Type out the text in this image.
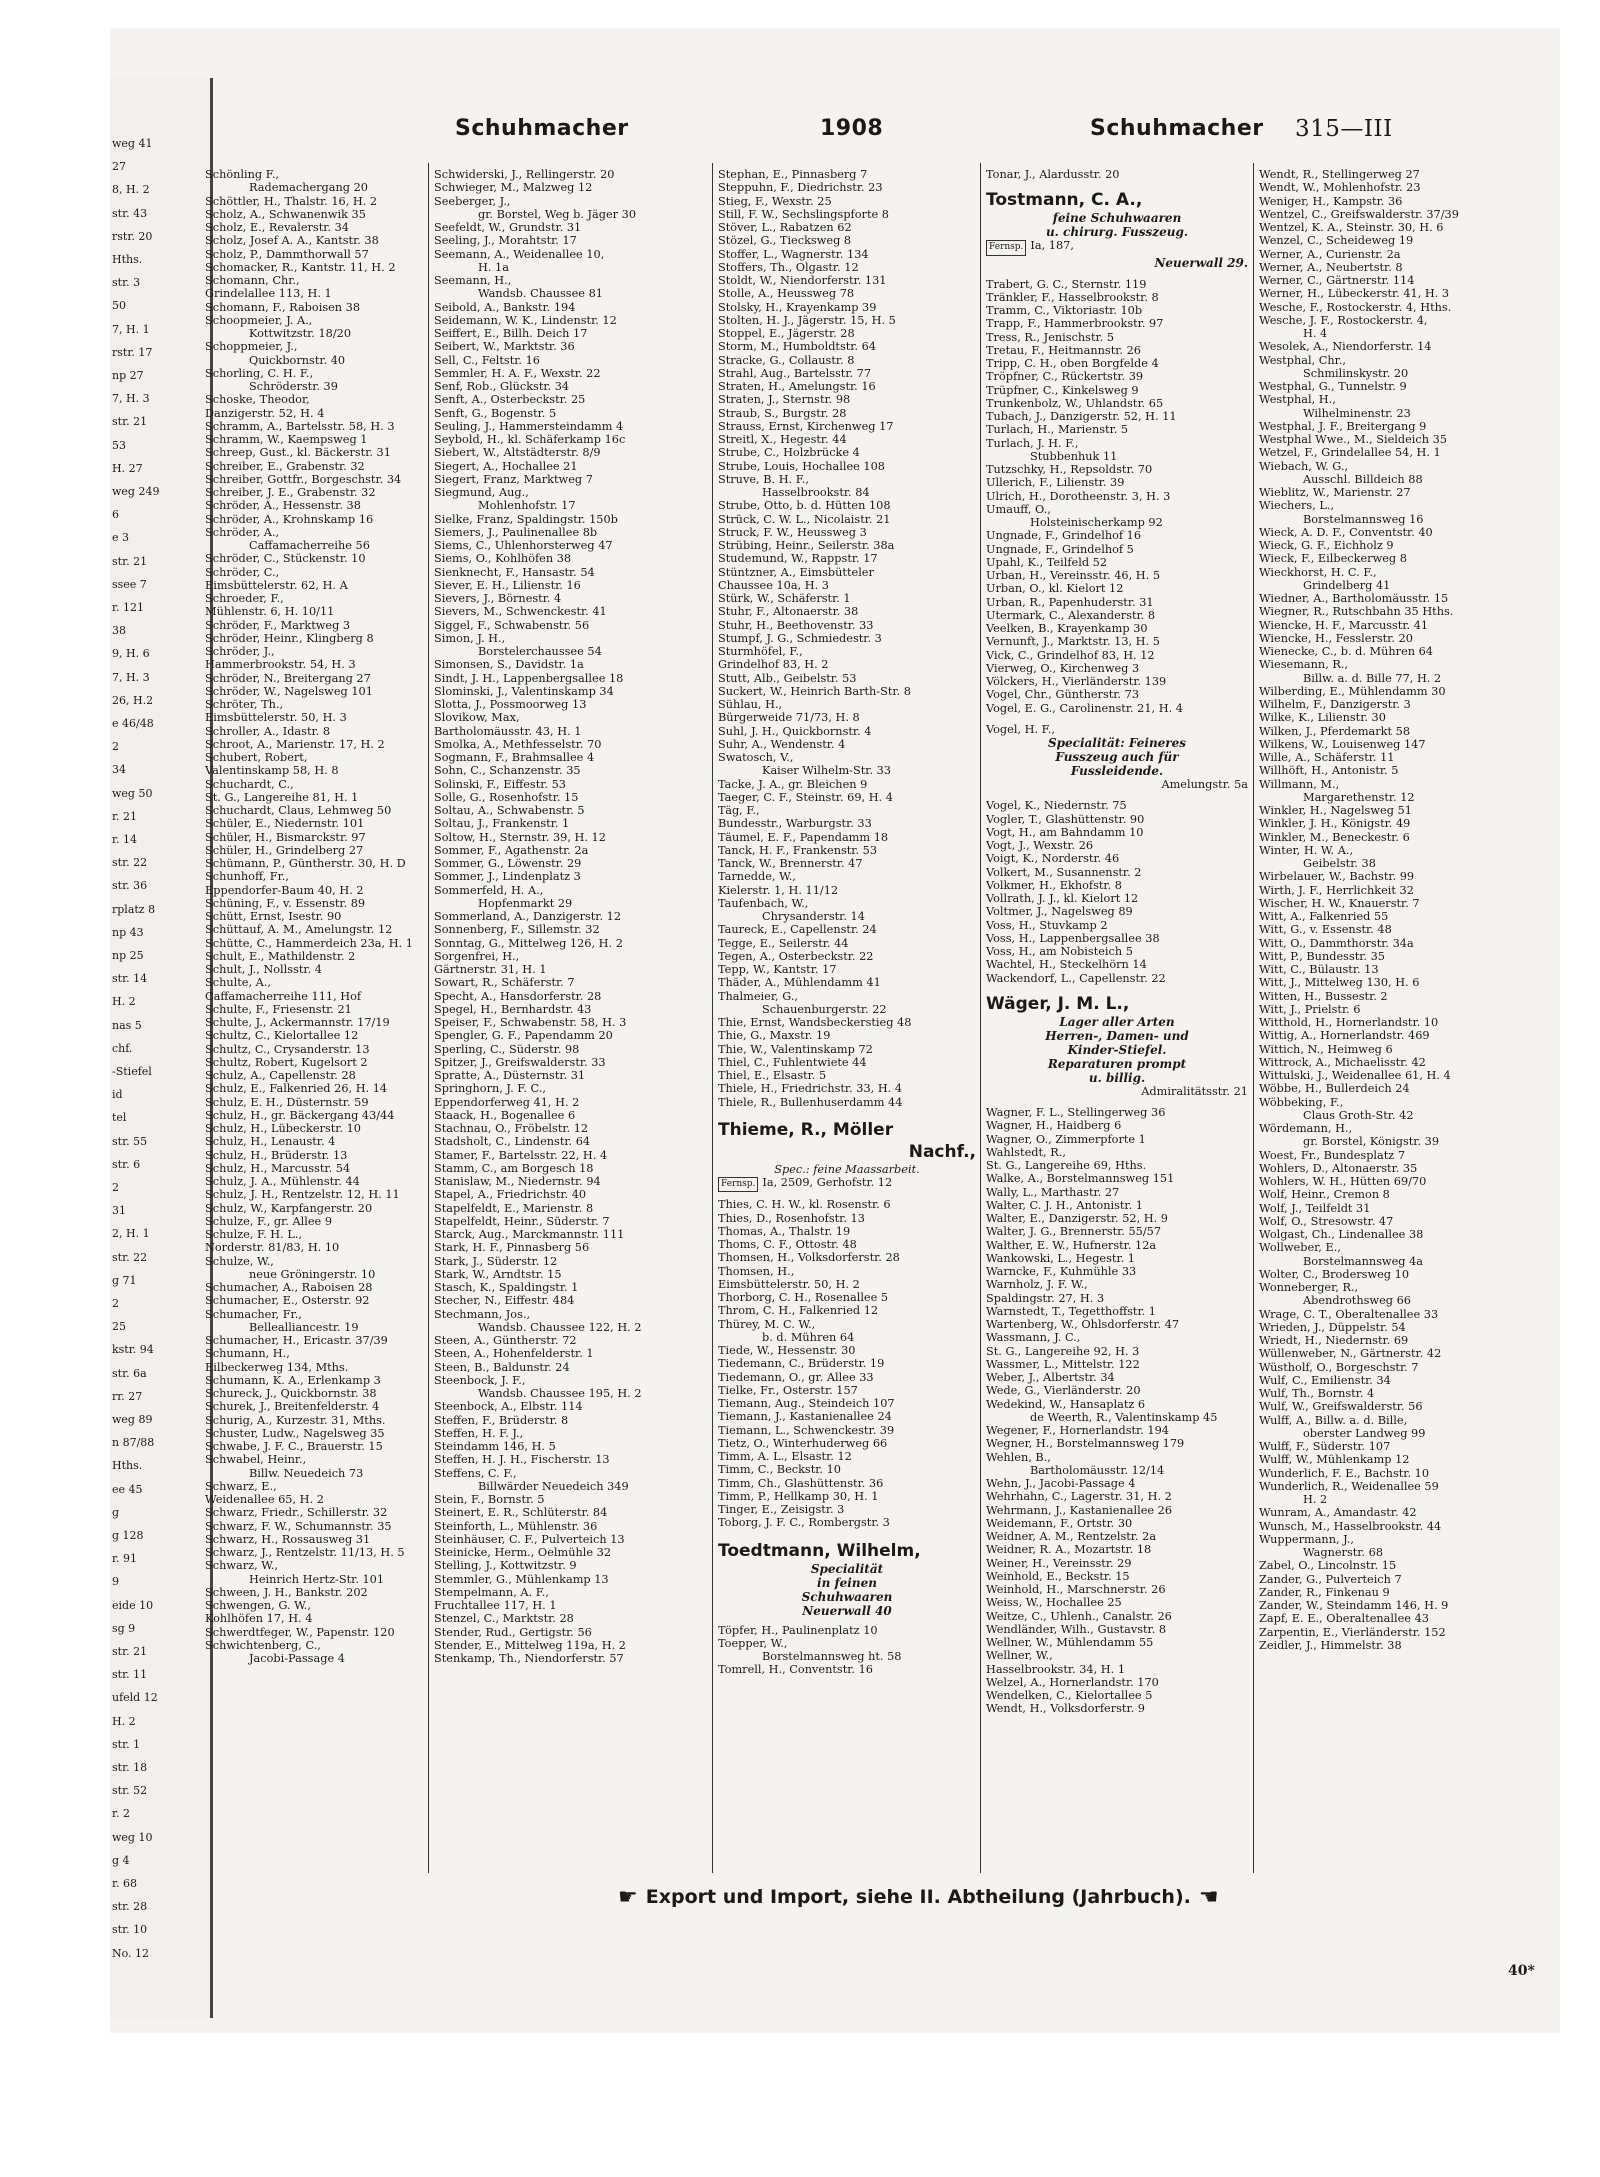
weg 41
27
8, H. 2
str. 43
rstr. 20
Hths.
str. 3
50
7, H. 1
rstr. 17
np 27
7, H. 3
str. 21
53
H. 27
weg 249
6
e 3
str. 21
ssee 7
r. 121
38
9, H. 6
7, H. 3
26, H.2
e 46/48
2
34
weg 50
r. 21
r. 14
str. 22
str. 36
rplatz 8
np 43
np 25
str. 14
H. 2
nas 5
chf.
-Stiefel
id
tel
str. 55
str. 6
2
31
2, H. 1
str. 22
g 71
2
25
kstr. 94
str. 6a
rr. 27
weg 89
n 87/88
Hths.
ee 45
g
g 128
r. 91
9
eide 10
sg 9
str. 21
str. 11
ufeld 12
H. 2
str. 1
str. 18
str. 52
r. 2
weg 10
g 4
r. 68
str. 28
str. 10
No. 12
Schuhmacher	1908	Schuhmacher 315—III
Schönling F.,
Rademachergang 20
Schöttler, H., Thalstr. 16, H. 2
Scholz, A., Schwanenwik 35
Scholz, E., Revalerstr. 34
Scholz, Josef A. A., Kantstr. 38
Scholz, P., Dammthorwall 57
Schomacker, R., Kantstr. 11, H. 2
Schomann, Chr.,
Grindelallee 113, H. 1
Schomann, F., Raboisen 38
Schoopmeier, J. A.,
Kottwitzstr. 18/20
Schoppmeier, J.,
Quickbornstr. 40
Schorling, C. H. F.,
Schröderstr. 39
Schoske, Theodor,
Danzigerstr. 52, H. 4
Schramm, A., Bartelsstr. 58, H. 3
Schramm, W., Kaempsweg 1
Schreep, Gust., kl. Bäckerstr. 31
Schreiber, E., Grabenstr. 32
Schreiber, Gottfr., Borgeschstr. 34
Schreiber, J. E., Grabenstr. 32
Schröder, A., Hessenstr. 38
Schröder, A., Krohnskamp 16
Schröder, A.,
Caffamacherreihe 56
Schröder, C., Stückenstr. 10
Schröder, C.,
Eimsbüttelerstr. 62, H. A
Schroeder, F.,
Mühlenstr. 6, H. 10/11
Schröder, F., Marktweg 3
Schröder, Heinr., Klingberg 8
Schröder, J.,
Hammerbrookstr. 54, H. 3
Schröder, N., Breitergang 27
Schröder, W., Nagelsweg 101
Schröter, Th.,
Eimsbüttelerstr. 50, H. 3
Schroller, A., Idastr. 8
Schroot, A., Marienstr. 17, H. 2
Schubert, Robert,
Valentinskamp 58, H. 8
Schuchardt, C.,
St. G., Langereihe 81, H. 1
Schuchardt, Claus, Lehmweg 50
Schüler, E., Niedernstr. 101
Schüler, H., Bismarckstr. 97
Schüler, H., Grindelberg 27
Schümann, P., Güntherstr. 30, H. D
Schunhoff, Fr.,
Eppendorfer-Baum 40, H. 2
Schüning, F., v. Essenstr. 89
Schütt, Ernst, Isestr. 90
Schüttauf, A. M., Amelungstr. 12
Schütte, C., Hammerdeich 23a, H. 1
Schult, E., Mathildenstr. 2
Schult, J., Nollsstr. 4
Schulte, A.,
Caffamacherreihe 111, Hof
Schulte, F., Friesenstr. 21
Schulte, J., Ackermannstr. 17/19
Schultz, C., Kielortallee 12
Schultz, C., Crysanderstr. 13
Schultz, Robert, Kugelsort 2
Schulz, A., Capellenstr. 28
Schulz, E., Falkenried 26, H. 14
Schulz, E. H., Düsternstr. 59
Schulz, H., gr. Bäckergang 43/44
Schulz, H., Lübeckerstr. 10
Schulz, H., Lenaustr. 4
Schulz, H., Brüderstr. 13
Schulz, H., Marcusstr. 54
Schulz, J. A., Mühlenstr. 44
Schulz, J. H., Rentzelstr. 12, H. 11
Schulz, W., Karpfangerstr. 20
Schulze, F., gr. Allee 9
Schulze, F. H. L.,
Norderstr. 81/83, H. 10
Schulze, W.,
neue Gröningerstr. 10
Schumacher, A., Raboisen 28
Schumacher, E., Osterstr. 92
Schumacher, Fr.,
Bellealliancestr. 19
Schumacher, H., Ericastr. 37/39
Schumann, H.,
Eilbeckerweg 134, Mths.
Schumann, K. A., Erlenkamp 3
Schureck, J., Quickbornstr. 38
Schurek, J., Breitenfelderstr. 4
Schurig, A., Kurzestr. 31, Mths.
Schuster, Ludw., Nagelsweg 35
Schwabe, J. F. C., Brauerstr. 15
Schwabel, Heinr.,
Billw. Neuedeich 73
Schwarz, E.,
Weidenallee 65, H. 2
Schwarz, Friedr., Schillerstr. 32
Schwarz, F. W., Schumannstr. 35
Schwarz, H., Rossausweg 31
Schwarz, J., Rentzelstr. 11/13, H. 5
Schwarz, W.,
Heinrich Hertz-Str. 101
Schween, J. H., Bankstr. 202
Schwengen, G. W.,
Kohlhöfen 17, H. 4
Schwerdtfeger, W., Papenstr. 120
Schwichtenberg, C.,
Jacobi-Passage 4
Schwiderski, J., Rellingerstr. 20
Schwieger, M., Malzweg 12
Seeberger, J.,
gr. Borstel, Weg b. Jäger 30
Seefeldt, W., Grundstr. 31
Seeling, J., Morahtstr. 17
Seemann, A., Weidenallee 10,
H. 1a
Seemann, H.,
Wandsb. Chaussee 81
Seibold, A., Bankstr. 194
Seidemann, W. K., Lindenstr. 12
Seiffert, E., Billh. Deich 17
Seibert, W., Marktstr. 36
Sell, C., Feltstr. 16
Semmler, H. A. F., Wexstr. 22
Senf, Rob., Glückstr. 34
Senft, A., Osterbeckstr. 25
Senft, G., Bogenstr. 5
Seuling, J., Hammersteindamm 4
Seybold, H., kl. Schäferkamp 16c
Siebert, W., Altstädterstr. 8/9
Siegert, A., Hochallee 21
Siegert, Franz, Marktweg 7
Siegmund, Aug.,
Mohlenhofstr. 17
Sielke, Franz, Spaldingstr. 150b
Siemers, J., Paulinenallee 8b
Siems, C., Uhlenhorsterweg 47
Siems, O., Kohlhöfen 38
Sienknecht, F., Hansastr. 54
Siever, E. H., Lilienstr. 16
Sievers, J., Börnestr. 4
Sievers, M., Schwenckestr. 41
Siggel, F., Schwabenstr. 56
Simon, J. H.,
Borstelerchaussee 54
Simonsen, S., Davidstr. 1a
Sindt, J. H., Lappenbergsallee 18
Slominski, J., Valentinskamp 34
Slotta, J., Possmoorweg 13
Slovikow, Max,
Bartholomäusstr. 43, H. 1
Smolka, A., Methfesselstr. 70
Sogmann, F., Brahmsallee 4
Sohn, C., Schanzenstr. 35
Solinski, F., Eiffestr. 53
Solle, G., Rosenhofstr. 15
Soltau, A., Schwabenstr. 5
Soltau, J., Frankenstr. 1
Soltow, H., Sternstr. 39, H. 12
Sommer, F., Agathenstr. 2a
Sommer, G., Löwenstr. 29
Sommer, J., Lindenplatz 3
Sommerfeld, H. A.,
Hopfenmarkt 29
Sommerland, A., Danzigerstr. 12
Sonnenberg, F., Sillemstr. 32
Sonntag, G., Mittelweg 126, H. 2
Sorgenfrei, H.,
Gärtnerstr. 31, H. 1
Sowart, R., Schäferstr. 7
Specht, A., Hansdorferstr. 28
Spegel, H., Bernhardstr. 43
Speiser, F., Schwabenstr. 58, H. 3
Spengler, G. F., Papendamm 20
Sperling, C., Süderstr. 98
Spitzer, J., Greifswalderstr. 33
Spratte, A., Düsternstr. 31
Springhorn, J. F. C.,
Eppendorferweg 41, H. 2
Staack, H., Bogenallee 6
Stachnau, O., Fröbelstr. 12
Stadsholt, C., Lindenstr. 64
Stamer, F., Bartelsstr. 22, H. 4
Stamm, C., am Borgesch 18
Stanislaw, M., Niedernstr. 94
Stapel, A., Friedrichstr. 40
Stapelfeldt, E., Marienstr. 8
Stapelfeldt, Heinr., Süderstr. 7
Starck, Aug., Marckmannstr. 111
Stark, H. F., Pinnasberg 56
Stark, J., Süderstr. 12
Stark, W., Arndtstr. 15
Stasch, K., Spaldingstr. 1
Stecher, N., Eiffestr. 484
Stechmann, Jos.,
Wandsb. Chaussee 122, H. 2
Steen, A., Güntherstr. 72
Steen, A., Hohenfelderstr. 1
Steen, B., Baldunstr. 24
Steenbock, J. F.,
Wandsb. Chaussee 195, H. 2
Steenbock, A., Elbstr. 114
Steffen, F., Brüderstr. 8
Steffen, H. F. J.,
Steindamm 146, H. 5
Steffen, H. J. H., Fischerstr. 13
Steffens, C. F.,
Billwärder Neuedeich 349
Stein, F., Bornstr. 5
Steinert, E. R., Schlüterstr. 84
Steinforth, L., Mühlenstr. 36
Steinhäuser, C. F., Pulverteich 13
Steinicke, Herm., Oelmühle 32
Stelling, J., Kottwitzstr. 9
Stemmler, G., Mühlenkamp 13
Stempelmann, A. F.,
Fruchtallee 117, H. 1
Stenzel, C., Marktstr. 28
Stender, Rud., Gertigstr. 56
Stender, E., Mittelweg 119a, H. 2
Stenkamp, Th., Niendorferstr. 57
Stephan, E., Pinnasberg 7
Steppuhn, F., Diedrichstr. 23
Stieg, F., Wexstr. 25
Still, F. W., Sechslingspforte 8
Stöver, L., Rabatzen 62
Stözel, G., Tiecksweg 8
Stoffer, L., Wagnerstr. 134
Stoffers, Th., Olgastr. 12
Stoldt, W., Niendorferstr. 131
Stolle, A., Heussweg 78
Stolsky, H., Krayenkamp 39
Stolten, H. J., Jägerstr. 15, H. 5
Stoppel, E., Jägerstr. 28
Storm, M., Humboldtstr. 64
Stracke, G., Collaustr. 8
Strahl, Aug., Bartelsstr. 77
Straten, H., Amelungstr. 16
Straten, J., Sternstr. 98
Straub, S., Burgstr. 28
Strauss, Ernst, Kirchenweg 17
Streitl, X., Hegestr. 44
Strube, C., Holzbrücke 4
Strube, Louis, Hochallee 108
Struve, B. H. F.,
Hasselbrookstr. 84
Strube, Otto, b. d. Hütten 108
Strück, C. W. L., Nicolaistr. 21
Struck, F. W., Heussweg 3
Strübing, Heinr., Seilerstr. 38a
Studemund, W., Rappstr. 17
Stüntzner, A., Eimsbütteler
Chaussee 10a, H. 3
Stürk, W., Schäferstr. 1
Stuhr, F., Altonaerstr. 38
Stuhr, H., Beethovenstr. 33
Stumpf, J. G., Schmiedestr. 3
Sturmhöfel, F.,
Grindelhof 83, H. 2
Stutt, Alb., Geibelstr. 53
Suckert, W., Heinrich Barth-Str. 8
Sühlau, H.,
Bürgerweide 71/73, H. 8
Suhl, J. H., Quickbornstr. 4
Suhr, A., Wendenstr. 4
Swatosch, V.,
Kaiser Wilhelm-Str. 33
Tacke, J. A., gr. Bleichen 9
Taeger, C. F., Steinstr. 69, H. 4
Täg, F.,
Bundesstr., Warburgstr. 33
Täumel, E. F., Papendamm 18
Tanck, H. F., Frankenstr. 53
Tanck, W., Brennerstr. 47
Tarnedde, W.,
Kielerstr. 1, H. 11/12
Taufenbach, W.,
Chrysanderstr. 14
Taureck, E., Capellenstr. 24
Tegge, E., Seilerstr. 44
Tegen, A., Osterbeckstr. 22
Tepp, W., Kantstr. 17
Thäder, A., Mühlendamm 41
Thalmeier, G.,
Schauenburgerstr. 22
Thie, Ernst, Wandsbeckerstieg 48
Thie, G., Maxstr. 19
Thie, W., Valentinskamp 72
Thiel, C., Fuhlentwiete 44
Thiel, E., Elsastr. 5
Thiele, H., Friedrichstr. 33, H. 4
Thiele, R., Bullenhuserdamm 44
Thieme, R., Möller
Nachf.,
Spec.: feine Maassarbeit.
Fernsp. Ia, 2509, Gerhofstr. 12
Thies, C. H. W., kl. Rosenstr. 6
Thies, D., Rosenhofstr. 13
Thomas, A., Thalstr. 19
Thoms, C. F., Ottostr. 48
Thomsen, H., Volksdorferstr. 28
Thomsen, H.,
Eimsbüttelerstr. 50, H. 2
Thorborg, C. H., Rosenallee 5
Throm, C. H., Falkenried 12
Thürey, M. C. W.,
b. d. Mühren 64
Tiede, W., Hessenstr. 30
Tiedemann, C., Brüderstr. 19
Tiedemann, O., gr. Allee 33
Tielke, Fr., Osterstr. 157
Tiemann, Aug., Steindeich 107
Tiemann, J., Kastanienallee 24
Tiemann, L., Schwenckestr. 39
Tietz, O., Winterhuderweg 66
Timm, A. L., Elsastr. 12
Timm, C., Beckstr. 10
Timm, Ch., Glashüttenstr. 36
Timm, P., Hellkamp 30, H. 1
Tinger, E., Zeisigstr. 3
Toborg, J. F. C., Rombergstr. 3
Toedtmann, Wilhelm,
Specialität
in feinen
Schuhwaaren
Neuerwall 40
Töpfer, H., Paulinenplatz 10
Toepper, W.,
Borstelmannsweg ht. 58
Tomrell, H., Conventstr. 16
Tonar, J., Alardusstr. 20
Tostmann, C. A.,
feine Schuhwaaren
u. chirurg. Fusszeug.
Fernsp. Ia, 187,
Neuerwall 29.
Trabert, G. C., Sternstr. 119
Tränkler, F., Hasselbrookstr. 8
Tramm, C., Viktoriastr. 10b
Trapp, F., Hammerbrookstr. 97
Tress, R., Jenischstr. 5
Tretau, F., Heitmannstr. 26
Tripp, C. H., oben Borgfelde 4
Tröpfner, C., Rückertstr. 39
Trüpfner, C., Kinkelsweg 9
Trunkenbolz, W., Uhlandstr. 65
Tubach, J., Danzigerstr. 52, H. 11
Turlach, H., Marienstr. 5
Turlach, J. H. F.,
Stubbenhuk 11
Tutzschky, H., Repsoldstr. 70
Ullerich, F., Lilienstr. 39
Ulrich, H., Dorotheenstr. 3, H. 3
Umauff, O.,
Holsteinischerkamp 92
Ungnade, F., Grindelhof 16
Ungnade, F., Grindelhof 5
Upahl, K., Teilfeld 52
Urban, H., Vereinsstr. 46, H. 5
Urban, O., kl. Kielort 12
Urban, R., Papenhuderstr. 31
Utermark, C., Alexanderstr. 8
Veelken, B., Krayenkamp 30
Vernunft, J., Marktstr. 13, H. 5
Vick, C., Grindelhof 83, H. 12
Vierweg, O., Kirchenweg 3
Völckers, H., Vierländerstr. 139
Vogel, Chr., Güntherstr. 73
Vogel, E. G., Carolinenstr. 21, H. 4
Vogel, H. F.,
Specialität: Feineres
Fusszeug auch für
Fussleidende.
Amelungstr. 5a
Vogel, K., Niedernstr. 75
Vogler, T., Glashüttenstr. 90
Vogt, H., am Bahndamm 10
Vogt, J., Wexstr. 26
Voigt, K., Norderstr. 46
Volkert, M., Susannenstr. 2
Volkmer, H., Ekhofstr. 8
Vollrath, J. J., kl. Kielort 12
Voltmer, J., Nagelsweg 89
Voss, H., Stuvkamp 2
Voss, H., Lappenbergsallee 38
Voss, H., am Nobisteich 5
Wachtel, H., Steckelhörn 14
Wackendorf, L., Capellenstr. 22
Wäger, J. M. L.,
Lager aller Arten
Herren-, Damen- und
Kinder-Stiefel.
Reparaturen prompt
u. billig.
Admiralitätsstr. 21
Wagner, F. L., Stellingerweg 36
Wagner, H., Haidberg 6
Wagner, O., Zimmerpforte 1
Wahlstedt, R.,
St. G., Langereihe 69, Hths.
Walke, A., Borstelmannsweg 151
Wally, L., Marthastr. 27
Walter, C. J. H., Antonistr. 1
Walter, E., Danzigerstr. 52, H. 9
Walter, J. G., Brennerstr. 55/57
Walther, E. W., Hufnerstr. 12a
Wankowski, L., Hegestr. 1
Warncke, F., Kuhmühle 33
Warnholz, J. F. W.,
Spaldingstr. 27, H. 3
Warnstedt, T., Tegetthoffstr. 1
Wartenberg, W., Ohlsdorferstr. 47
Wassmann, J. C.,
St. G., Langereihe 92, H. 3
Wassmer, L., Mittelstr. 122
Weber, J., Albertstr. 34
Wede, G., Vierländerstr. 20
Wedekind, W., Hansaplatz 6
de Weerth, R., Valentinskamp 45
Wegener, F., Hornerlandstr. 194
Wegner, H., Borstelmannsweg 179
Wehlen, B.,
Bartholomäusstr. 12/14
Wehn, J., Jacobi-Passage 4
Wehrhahn, C., Lagerstr. 31, H. 2
Wehrmann, J., Kastanienallee 26
Weidemann, F., Ortstr. 30
Weidner, A. M., Rentzelstr. 2a
Weidner, R. A., Mozartstr. 18
Weiner, H., Vereinsstr. 29
Weinhold, E., Beckstr. 15
Weinhold, H., Marschnerstr. 26
Weiss, W., Hochallee 25
Weitze, C., Uhlenh., Canalstr. 26
Wendländer, Wilh., Gustavstr. 8
Wellner, W., Mühlendamm 55
Wellner, W.,
Hasselbrookstr. 34, H. 1
Welzel, A., Hornerlandstr. 170
Wendelken, C., Kielortallee 5
Wendt, H., Volksdorferstr. 9
Wendt, R., Stellingerweg 27
Wendt, W., Mohlenhofstr. 23
Weniger, H., Kampstr. 36
Wentzel, C., Greifswalderstr. 37/39
Wentzel, K. A., Steinstr. 30, H. 6
Wenzel, C., Scheideweg 19
Werner, A., Curienstr. 2a
Werner, A., Neubertstr. 8
Werner, C., Gärtnerstr. 114
Werner, H., Lübeckerstr. 41, H. 3
Wesche, F., Rostockerstr. 4, Hths.
Wesche, J. F., Rostockerstr. 4,
H. 4
Wesolek, A., Niendorferstr. 14
Westphal, Chr.,
Schmilinskystr. 20
Westphal, G., Tunnelstr. 9
Westphal, H.,
Wilhelminenstr. 23
Westphal, J. F., Breitergang 9
Westphal Wwe., M., Sieldeich 35
Wetzel, F., Grindelallee 54, H. 1
Wiebach, W. G.,
Ausschl. Billdeich 88
Wieblitz, W., Marienstr. 27
Wiechers, L.,
Borstelmannsweg 16
Wieck, A. D. F., Conventstr. 40
Wieck, G. F., Eichholz 9
Wieck, F., Eilbeckerweg 8
Wieckhorst, H. C. F.,
Grindelberg 41
Wiedner, A., Bartholomäusstr. 15
Wiegner, R., Rutschbahn 35 Hths.
Wiencke, H. F., Marcusstr. 41
Wiencke, H., Fesslerstr. 20
Wienecke, C., b. d. Mühren 64
Wiesemann, R.,
Billw. a. d. Bille 77, H. 2
Wilberding, E., Mühlendamm 30
Wilhelm, F., Danzigerstr. 3
Wilke, K., Lilienstr. 30
Wilken, J., Pferdemarkt 58
Wilkens, W., Louisenweg 147
Wille, A., Schäferstr. 11
Willhöft, H., Antonistr. 5
Willmann, M.,
Margarethenstr. 12
Winkler, H., Nagelsweg 51
Winkler, J. H., Königstr. 49
Winkler, M., Beneckestr. 6
Winter, H. W. A.,
Geibelstr. 38
Wirbelauer, W., Bachstr. 99
Wirth, J. F., Herrlichkeit 32
Wischer, H. W., Knauerstr. 7
Witt, A., Falkenried 55
Witt, G., v. Essenstr. 48
Witt, O., Dammthorstr. 34a
Witt, P., Bundesstr. 35
Witt, C., Bülaustr. 13
Witt, J., Mittelweg 130, H. 6
Witten, H., Bussestr. 2
Witt, J., Prielstr. 6
Witthold, H., Hornerlandstr. 10
Wittig, A., Hornerlandstr. 469
Wittich, N., Heimweg 6
Wittrock, A., Michaelisstr. 42
Wittulski, J., Weidenallee 61, H. 4
Wöbbe, H., Bullerdeich 24
Wöbbeking, F.,
Claus Groth-Str. 42
Wördemann, H.,
gr. Borstel, Königstr. 39
Woest, Fr., Bundesplatz 7
Wohlers, D., Altonaerstr. 35
Wohlers, W. H., Hütten 69/70
Wolf, Heinr., Cremon 8
Wolf, J., Teilfeldt 31
Wolf, O., Stresowstr. 47
Wolgast, Ch., Lindenallee 38
Wollweber, E.,
Borstelmannsweg 4a
Wolter, C., Brodersweg 10
Wonneberger, R.,
Abendrothsweg 66
Wrage, C. T., Oberaltenallee 33
Wrieden, J., Düppelstr. 54
Wriedt, H., Niedernstr. 69
Wüllenweber, N., Gärtnerstr. 42
Wüstholf, O., Borgeschstr. 7
Wulf, C., Emilienstr. 34
Wulf, Th., Bornstr. 4
Wulf, W., Greifswalderstr. 56
Wulff, A., Billw. a. d. Bille,
oberster Landweg 99
Wulff, F., Süderstr. 107
Wulff, W., Mühlenkamp 12
Wunderlich, F. E., Bachstr. 10
Wunderlich, R., Weidenallee 59
H. 2
Wunram, A., Amandastr. 42
Wunsch, M., Hasselbrookstr. 44
Wuppermann, J.,
Wagnerstr. 68
Zabel, O., Lincolnstr. 15
Zander, G., Pulverteich 7
Zander, R., Finkenau 9
Zander, W., Steindamm 146, H. 9
Zapf, E. E., Oberaltenallee 43
Zarpentin, E., Vierländerstr. 152
Zeidler, J., Himmelstr. 38
☛ Export und Import, siehe II. Abtheilung (Jahrbuch). ☚
40*
